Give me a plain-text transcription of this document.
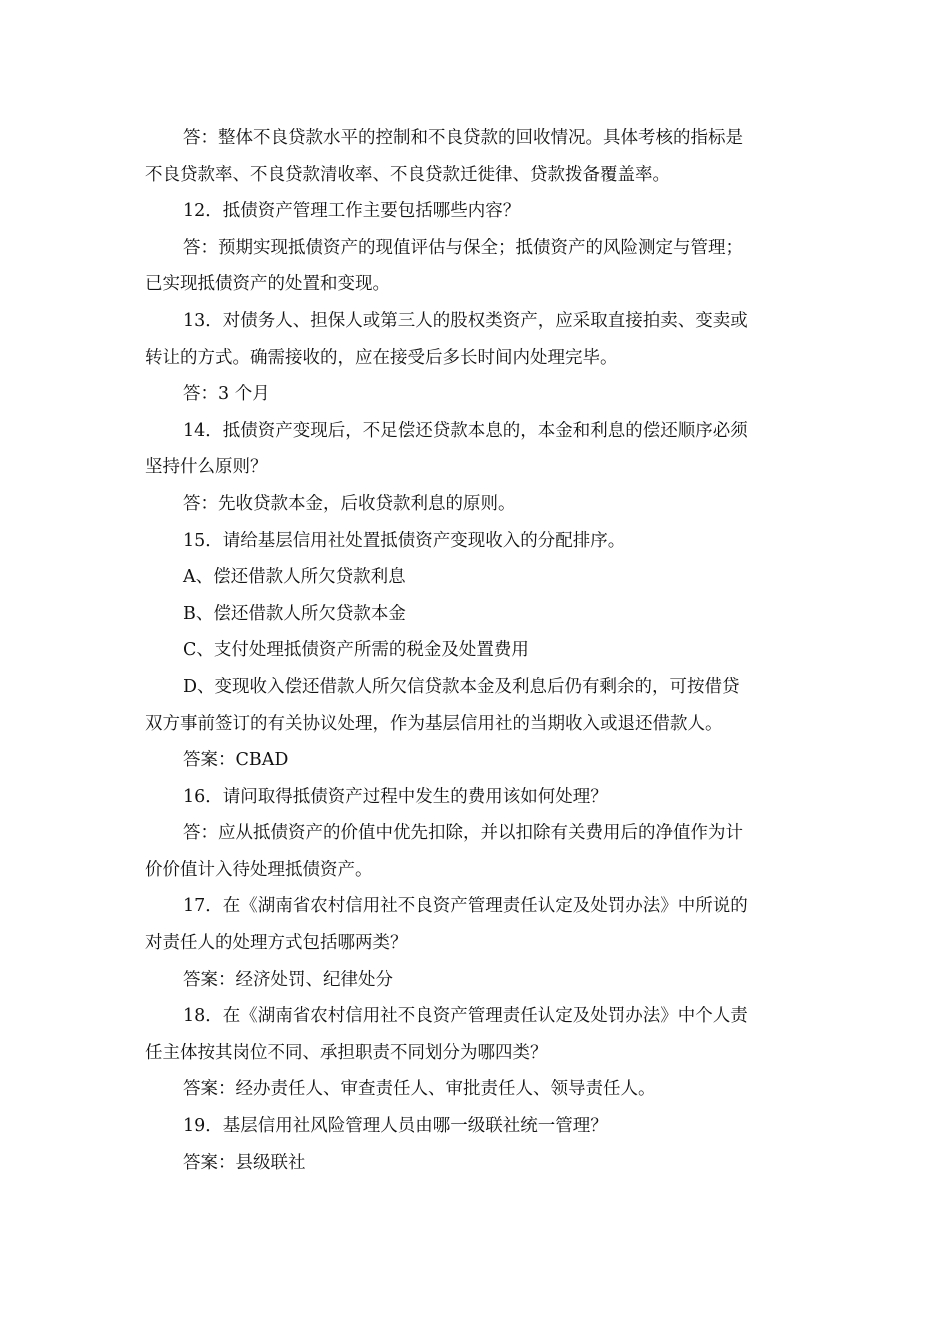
答：整体不良贷款水平的控制和不良贷款的回收情况。具体考核的指标是
不良贷款率、不良贷款清收率、不良贷款迁徙律、贷款拨备覆盖率。
12．抵债资产管理工作主要包括哪些内容？
答：预期实现抵债资产的现值评估与保全；抵债资产的风险测定与管理；
已实现抵债资产的处置和变现。
13．对债务人、担保人或第三人的股权类资产，应采取直接拍卖、变卖或
转让的方式。确需接收的，应在接受后多长时间内处理完毕。
答：3 个月
14．抵债资产变现后，不足偿还贷款本息的，本金和利息的偿还顺序必须
坚持什么原则？
答：先收贷款本金，后收贷款利息的原则。
15．请给基层信用社处置抵债资产变现收入的分配排序。
A、偿还借款人所欠贷款利息
B、偿还借款人所欠贷款本金
C、支付处理抵债资产所需的税金及处置费用
D、变现收入偿还借款人所欠信贷款本金及利息后仍有剩余的，可按借贷
双方事前签订的有关协议处理，作为基层信用社的当期收入或退还借款人。
答案：CBAD
16．请问取得抵债资产过程中发生的费用该如何处理？
答：应从抵债资产的价值中优先扣除，并以扣除有关费用后的净值作为计
价价值计入待处理抵债资产。
17．在《湖南省农村信用社不良资产管理责任认定及处罚办法》中所说的
对责任人的处理方式包括哪两类？
答案：经济处罚、纪律处分
18．在《湖南省农村信用社不良资产管理责任认定及处罚办法》中个人责
任主体按其岗位不同、承担职责不同划分为哪四类？
答案：经办责任人、审查责任人、审批责任人、领导责任人。
19．基层信用社风险管理人员由哪一级联社统一管理？
答案：县级联社
